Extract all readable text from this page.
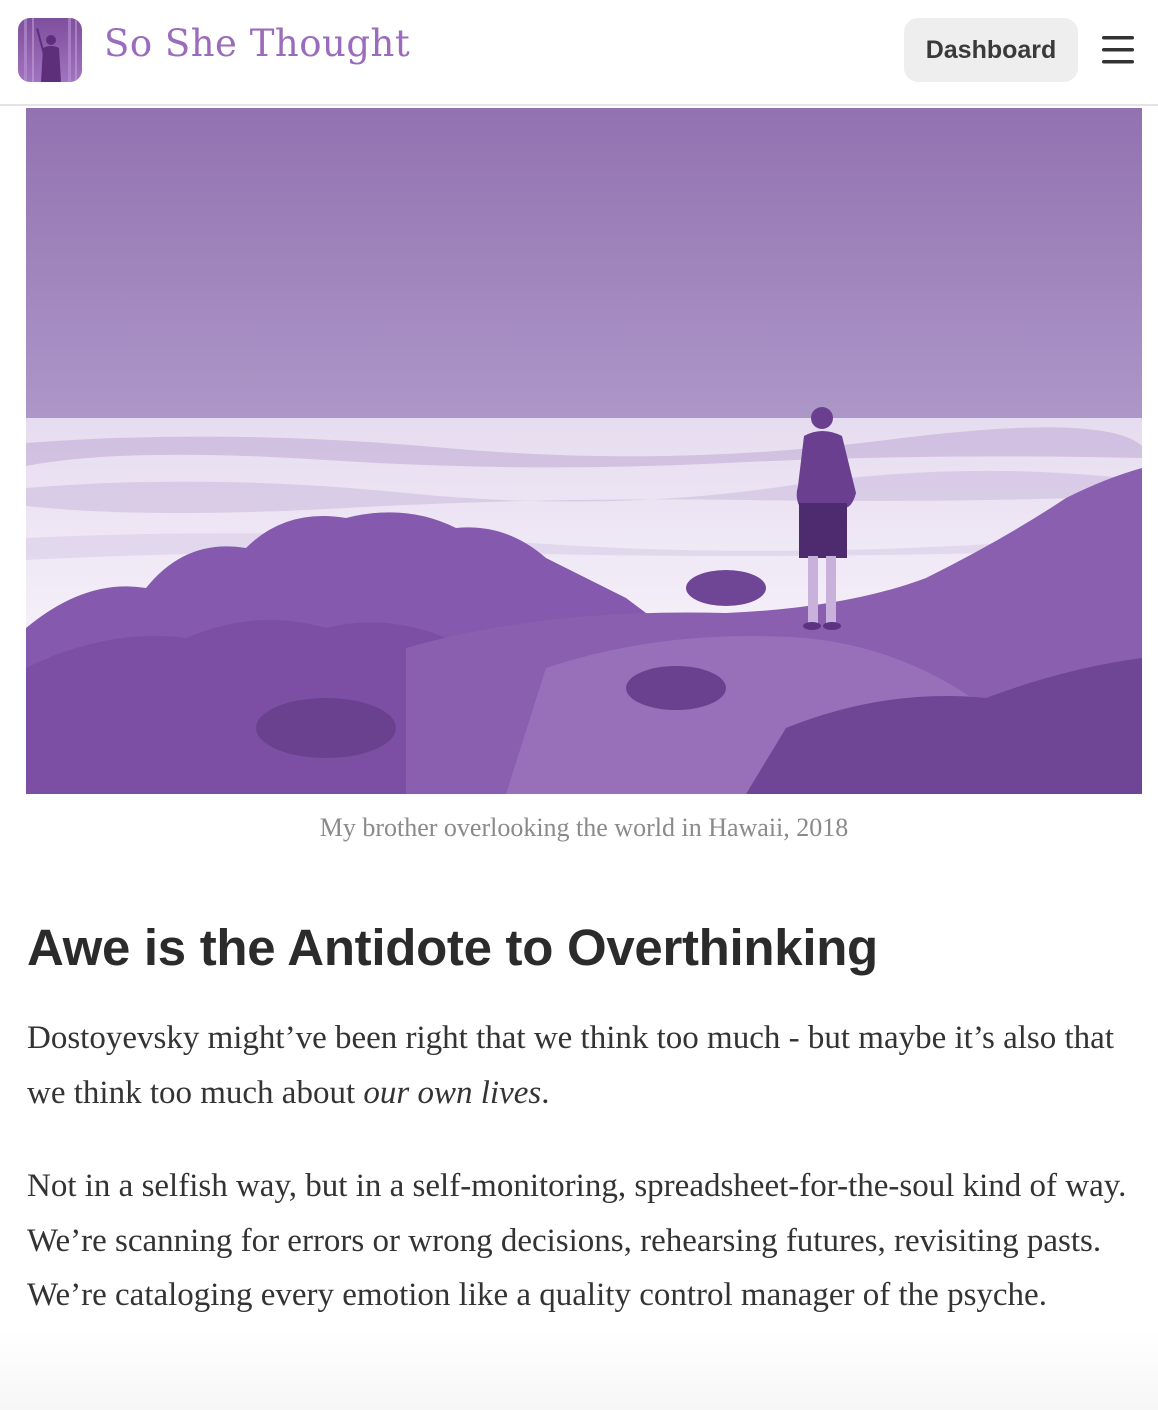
So She Thought	Dashboard
My brother overlooking the world in Hawaii, 2018
Awe is the Antidote to Overthinking

Dostoyevsky might’ve been right that we think too much - but maybe it’s also that we think too much about our own lives.

Not in a selfish way, but in a self-monitoring, spreadsheet-for-the-soul kind of way. We’re scanning for errors or wrong decisions, rehearsing futures, revisiting pasts. We’re cataloging every emotion like a quality control manager of the psyche.
